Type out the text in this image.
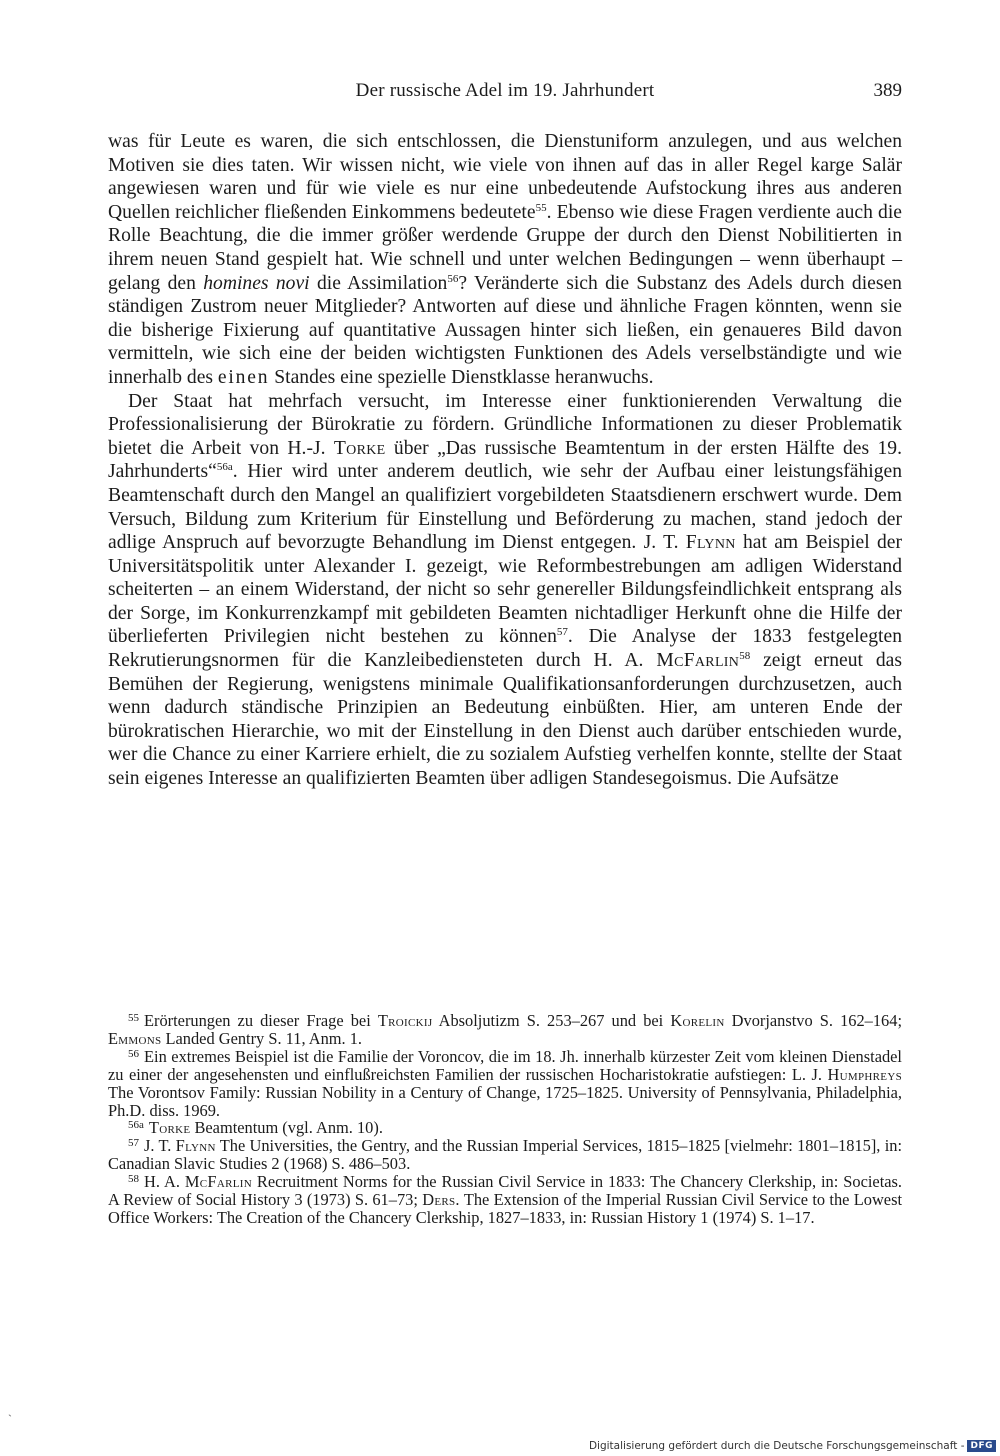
Der russische Adel im 19. Jahrhundert	389

was für Leute es waren, die sich entschlossen, die Dienstuniform anzulegen, und aus welchen Motiven sie dies taten. Wir wissen nicht, wie viele von ihnen auf das in aller Regel karge Salär angewiesen waren und für wie viele es nur eine unbedeutende Aufstockung ihres aus anderen Quellen reichlicher fließenden Einkommens bedeutete$^{55}$. Ebenso wie diese Fragen verdiente auch die Rolle Beachtung, die die immer größer werdende Gruppe der durch den Dienst Nobilitierten in ihrem neuen Stand gespielt hat. Wie schnell und unter welchen Bedingungen – wenn überhaupt – gelang den homines novi die Assimilation$^{56}$? Veränderte sich die Substanz des Adels durch diesen ständigen Zustrom neuer Mitglieder? Antworten auf diese und ähnliche Fragen könnten, wenn sie die bisherige Fixierung auf quantitative Aussagen hinter sich ließen, ein genaueres Bild davon vermitteln, wie sich eine der beiden wichtigsten Funktionen des Adels verselbständigte und wie innerhalb des einen Standes eine spezielle Dienstklasse heranwuchs.

Der Staat hat mehrfach versucht, im Interesse einer funktionierenden Verwaltung die Professionalisierung der Bürokratie zu fördern. Gründliche Informationen zu dieser Problematik bietet die Arbeit von H.-J. Torke über „Das russische Beamtentum in der ersten Hälfte des 19. Jahrhunderts“$^{56a}$. Hier wird unter anderem deutlich, wie sehr der Aufbau einer leistungsfähigen Beamtenschaft durch den Mangel an qualifiziert vorgebildeten Staatsdienern erschwert wurde. Dem Versuch, Bildung zum Kriterium für Einstellung und Beförderung zu machen, stand jedoch der adlige Anspruch auf bevorzugte Behandlung im Dienst entgegen. J. T. Flynn hat am Beispiel der Universitätspolitik unter Alexander I. gezeigt, wie Reformbestrebungen am adligen Widerstand scheiterten – an einem Widerstand, der nicht so sehr genereller Bildungsfeindlichkeit entsprang als der Sorge, im Konkurrenzkampf mit gebildeten Beamten nichtadliger Herkunft ohne die Hilfe der überlieferten Privilegien nicht bestehen zu können$^{57}$. Die Analyse der 1833 festgelegten Rekrutierungsnormen für die Kanzleibediensteten durch H. A. McFarlin$^{58}$ zeigt erneut das Bemühen der Regierung, wenigstens minimale Qualifikationsanforderungen durchzusetzen, auch wenn dadurch ständische Prinzipien an Bedeutung einbüßten. Hier, am unteren Ende der bürokratischen Hierarchie, wo mit der Einstellung in den Dienst auch darüber entschieden wurde, wer die Chance zu einer Karriere erhielt, die zu sozialem Aufstieg verhelfen konnte, stellte der Staat sein eigenes Interesse an qualifizierten Beamten über adligen Standesegoismus. Die Aufsätze

$^{55}$ Erörterungen zu dieser Frage bei Troickij Absoljutizm S. 253–267 und bei Korelin Dvorjanstvo S. 162–164; Emmons Landed Gentry S. 11, Anm. 1.

$^{56}$ Ein extremes Beispiel ist die Familie der Voroncov, die im 18. Jh. innerhalb kürzester Zeit vom kleinen Dienstadel zu einer der angesehensten und einflußreichsten Familien der russischen Hocharistokratie aufstiegen: L. J. Humphreys The Vorontsov Family: Russian Nobility in a Century of Change, 1725–1825. University of Pennsylvania, Philadelphia, Ph.D. diss. 1969.

$^{56a}$ Torke Beamtentum (vgl. Anm. 10).

$^{57}$ J. T. Flynn The Universities, the Gentry, and the Russian Imperial Services, 1815–1825 [vielmehr: 1801–1815], in: Canadian Slavic Studies 2 (1968) S. 486–503.

$^{58}$ H. A. McFarlin Recruitment Norms for the Russian Civil Service in 1833: The Chancery Clerkship, in: Societas. A Review of Social History 3 (1973) S. 61–73; Ders. The Extension of the Imperial Russian Civil Service to the Lowest Office Workers: The Creation of the Chancery Clerkship, 1827–1833, in: Russian History 1 (1974) S. 1–17.

`
Digitalisierung gefördert durch die Deutsche Forschungsgemeinschaft - DFG
